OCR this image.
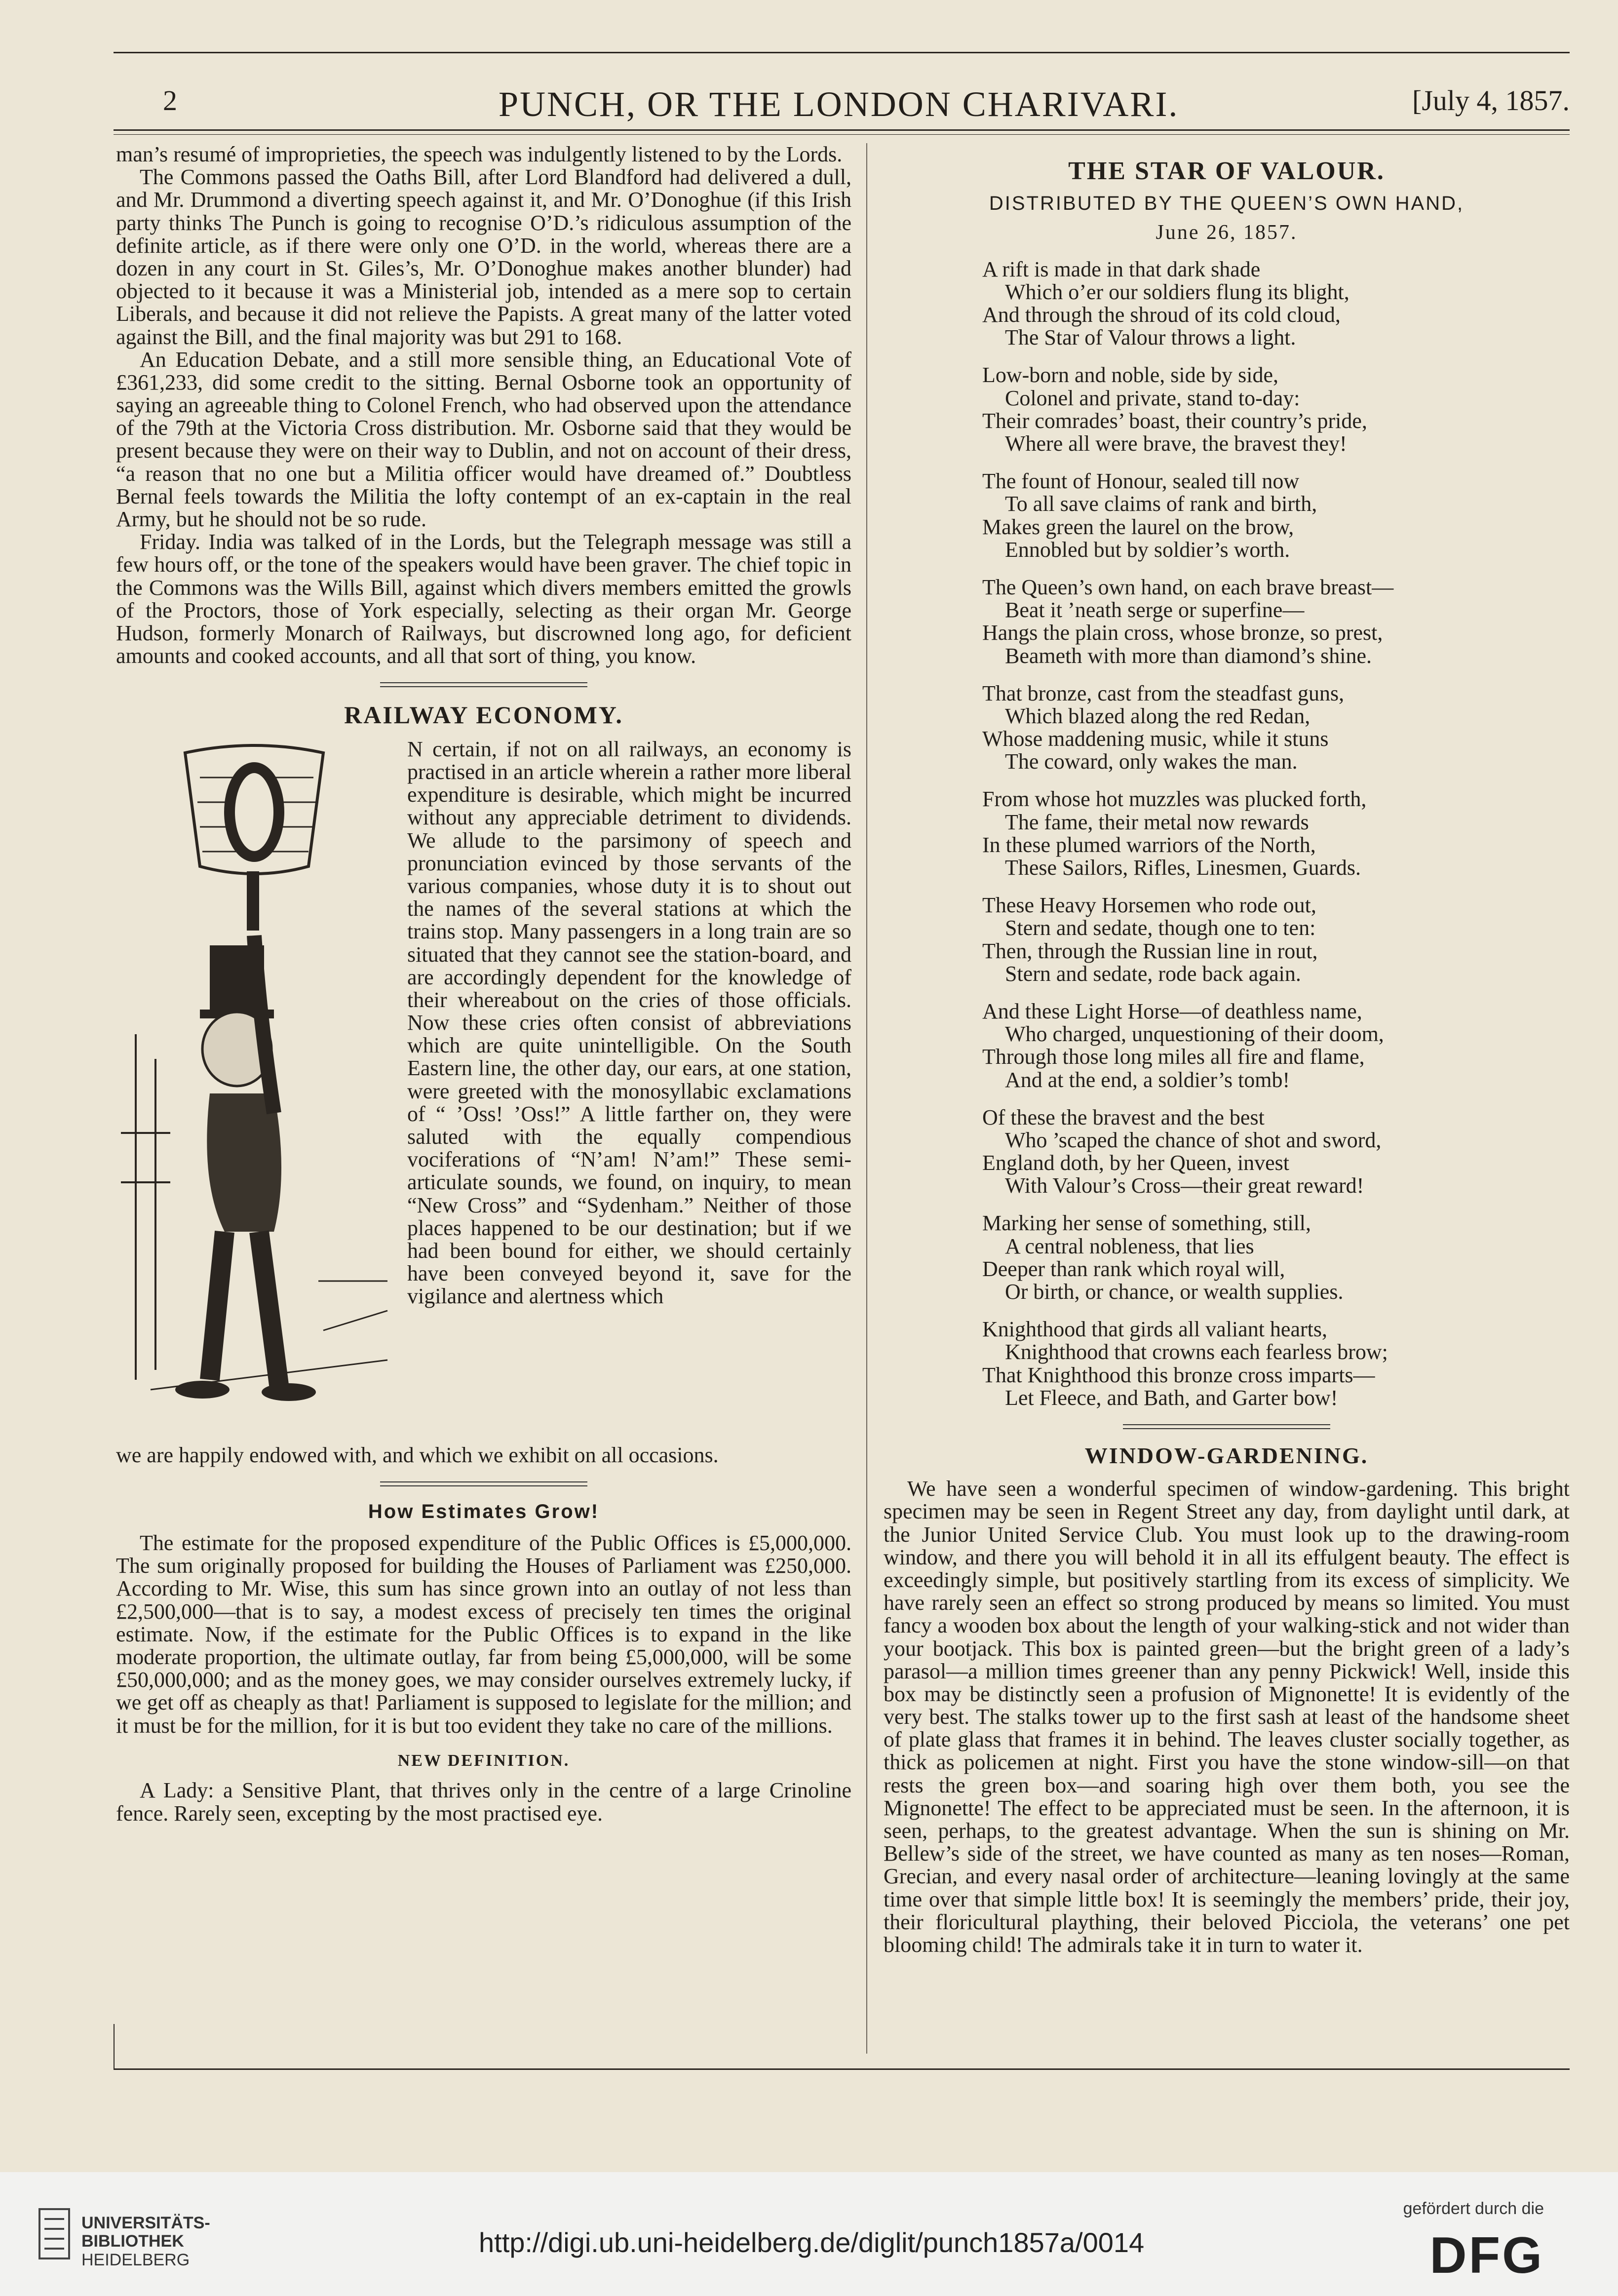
2	PUNCH, OR THE LONDON CHARIVARI.	[July 4, 1857.

man’s resumé of improprieties, the speech was indulgently listened to by the Lords.

The Commons passed the Oaths Bill, after Lord Blandford had delivered a dull, and Mr. Drummond a diverting speech against it, and Mr. O’Donoghue (if this Irish party thinks The Punch is going to recognise O’D.’s ridiculous assumption of the definite article, as if there were only one O’D. in the world, whereas there are a dozen in any court in St. Giles’s, Mr. O’Donoghue makes another blunder) had objected to it because it was a Ministerial job, intended as a mere sop to certain Liberals, and because it did not relieve the Papists. A great many of the latter voted against the Bill, and the final majority was but 291 to 168.

An Education Debate, and a still more sensible thing, an Educational Vote of £361,233, did some credit to the sitting. Bernal Osborne took an opportunity of saying an agreeable thing to Colonel French, who had observed upon the attendance of the 79th at the Victoria Cross distribution. Mr. Osborne said that they would be present because they were on their way to Dublin, and not on account of their dress, “a reason that no one but a Militia officer would have dreamed of.” Doubtless Bernal feels towards the Militia the lofty contempt of an ex-captain in the real Army, but he should not be so rude.

Friday. India was talked of in the Lords, but the Telegraph message was still a few hours off, or the tone of the speakers would have been graver. The chief topic in the Commons was the Wills Bill, against which divers members emitted the growls of the Proctors, those of York especially, selecting as their organ Mr. George Hudson, formerly Monarch of Railways, but discrowned long ago, for deficient amounts and cooked accounts, and all that sort of thing, you know.

RAILWAY ECONOMY.

N certain, if not on all railways, an economy is practised in an article wherein a rather more liberal expenditure is desirable, which might be incurred without any appreciable detriment to dividends. We allude to the parsimony of speech and pronunciation evinced by those servants of the various companies, whose duty it is to shout out the names of the several stations at which the trains stop. Many passengers in a long train are so situated that they cannot see the station-board, and are accordingly dependent for the knowledge of their whereabout on the cries of those officials. Now these cries often consist of abbreviations which are quite unintelligible. On the South Eastern line, the other day, our ears, at one station, were greeted with the monosyllabic exclamations of “ ’Oss! ’Oss!” A little farther on, they were saluted with the equally compendious vociferations of “N’am! N’am!” These semi-articulate sounds, we found, on inquiry, to mean “New Cross” and “Sydenham.” Neither of those places happened to be our destination; but if we had been bound for either, we should certainly have been conveyed beyond it, save for the vigilance and alertness which

we are happily endowed with, and which we exhibit on all occasions.

How Estimates Grow!

The estimate for the proposed expenditure of the Public Offices is £5,000,000. The sum originally proposed for building the Houses of Parliament was £250,000. According to Mr. Wise, this sum has since grown into an outlay of not less than £2,500,000—that is to say, a modest excess of precisely ten times the original estimate. Now, if the estimate for the Public Offices is to expand in the like moderate proportion, the ultimate outlay, far from being £5,000,000, will be some £50,000,000; and as the money goes, we may consider ourselves extremely lucky, if we get off as cheaply as that! Parliament is supposed to legislate for the million; and it must be for the million, for it is but too evident they take no care of the millions.

NEW DEFINITION.

A Lady: a Sensitive Plant, that thrives only in the centre of a large Crinoline fence. Rarely seen, excepting by the most practised eye.

THE STAR OF VALOUR.
DISTRIBUTED BY THE QUEEN’S OWN HAND,
June 26, 1857.
A rift is made in that dark shade
Which o’er our soldiers flung its blight,
And through the shroud of its cold cloud,
The Star of Valour throws a light.
Low-born and noble, side by side,
Colonel and private, stand to-day:
Their comrades’ boast, their country’s pride,
Where all were brave, the bravest they!
The fount of Honour, sealed till now
To all save claims of rank and birth,
Makes green the laurel on the brow,
Ennobled but by soldier’s worth.
The Queen’s own hand, on each brave breast—
Beat it ’neath serge or superfine—
Hangs the plain cross, whose bronze, so prest,
Beameth with more than diamond’s shine.
That bronze, cast from the steadfast guns,
Which blazed along the red Redan,
Whose maddening music, while it stuns
The coward, only wakes the man.
From whose hot muzzles was plucked forth,
The fame, their metal now rewards
In these plumed warriors of the North,
These Sailors, Rifles, Linesmen, Guards.
These Heavy Horsemen who rode out,
Stern and sedate, though one to ten:
Then, through the Russian line in rout,
Stern and sedate, rode back again.
And these Light Horse—of deathless name,
Who charged, unquestioning of their doom,
Through those long miles all fire and flame,
And at the end, a soldier’s tomb!
Of these the bravest and the best
Who ’scaped the chance of shot and sword,
England doth, by her Queen, invest
With Valour’s Cross—their great reward!
Marking her sense of something, still,
A central nobleness, that lies
Deeper than rank which royal will,
Or birth, or chance, or wealth supplies.
Knighthood that girds all valiant hearts,
Knighthood that crowns each fearless brow;
That Knighthood this bronze cross imparts—
Let Fleece, and Bath, and Garter bow!
WINDOW-GARDENING.

We have seen a wonderful specimen of window-gardening. This bright specimen may be seen in Regent Street any day, from daylight until dark, at the Junior United Service Club. You must look up to the drawing-room window, and there you will behold it in all its effulgent beauty. The effect is exceedingly simple, but positively startling from its excess of simplicity. We have rarely seen an effect so strong produced by means so limited. You must fancy a wooden box about the length of your walking-stick and not wider than your bootjack. This box is painted green—but the bright green of a lady’s parasol—a million times greener than any penny Pickwick! Well, inside this box may be distinctly seen a profusion of Mignonette! It is evidently of the very best. The stalks tower up to the first sash at least of the handsome sheet of plate glass that frames it in behind. The leaves cluster socially together, as thick as policemen at night. First you have the stone window-sill—on that rests the green box—and soaring high over them both, you see the Mignonette! The effect to be appreciated must be seen. In the afternoon, it is seen, perhaps, to the greatest advantage. When the sun is shining on Mr. Bellew’s side of the street, we have counted as many as ten noses—Roman, Grecian, and every nasal order of architecture—leaning lovingly at the same time over that simple little box! It is seemingly the members’ pride, their joy, their floricultural plaything, their beloved Picciola, the veterans’ one pet blooming child! The admirals take it in turn to water it.

UNIVERSITÄTS-
BIBLIOTHEK
HEIDELBERG
http://digi.ub.uni-heidelberg.de/diglit/punch1857a/0014
gefördert durch die
DFG
